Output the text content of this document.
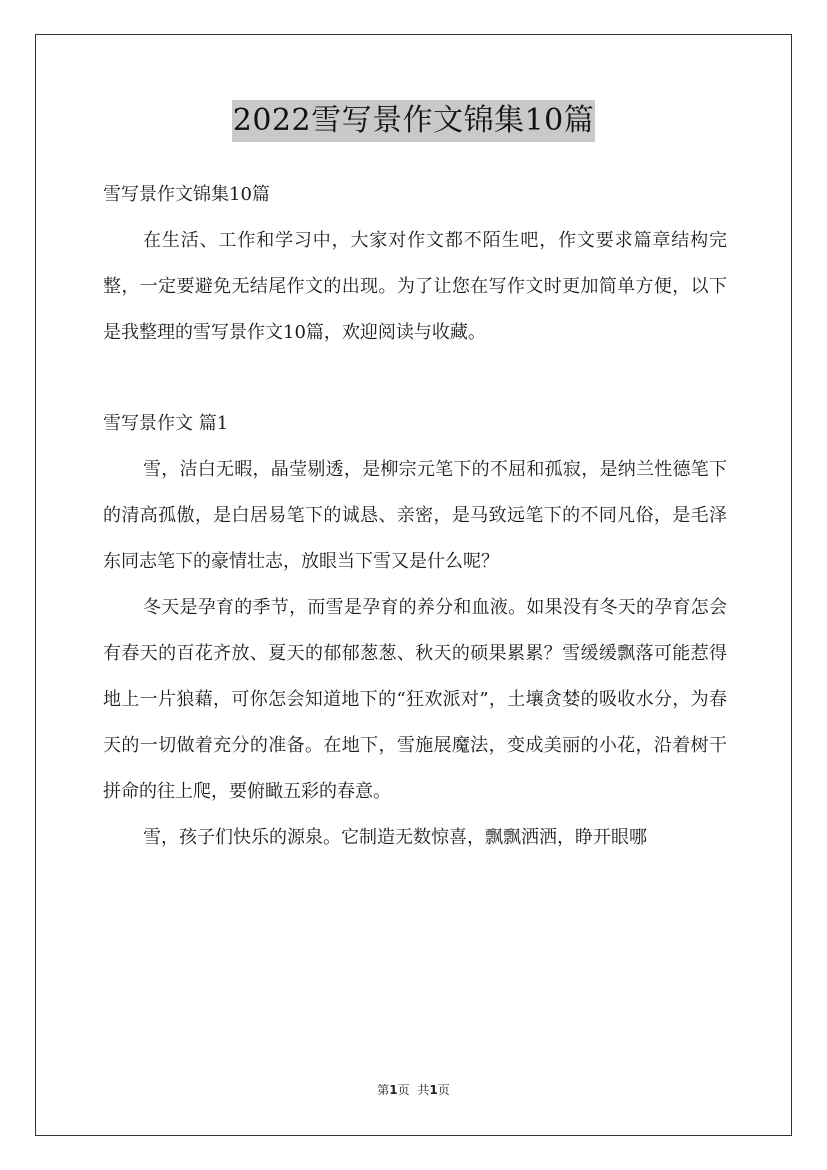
2022雪写景作文锦集10篇

雪写景作文锦集10篇

在生活、工作和学习中，大家对作文都不陌生吧，作文要求篇章结构完整，一定要避免无结尾作文的出现。为了让您在写作文时更加简单方便，以下是我整理的雪写景作文10篇，欢迎阅读与收藏。

雪写景作文 篇1

雪，洁白无暇，晶莹剔透，是柳宗元笔下的不屈和孤寂，是纳兰性德笔下的清高孤傲，是白居易笔下的诚恳、亲密，是马致远笔下的不同凡俗，是毛泽东同志笔下的豪情壮志，放眼当下雪又是什么呢？

冬天是孕育的季节，而雪是孕育的养分和血液。如果没有冬天的孕育怎会有春天的百花齐放、夏天的郁郁葱葱、秋天的硕果累累？雪缓缓飘落可能惹得地上一片狼藉，可你怎会知道地下的“狂欢派对”，土壤贪婪的吸收水分，为春天的一切做着充分的准备。在地下，雪施展魔法，变成美丽的小花，沿着树干拼命的往上爬，要俯瞰五彩的春意。

雪，孩子们快乐的源泉。它制造无数惊喜，飘飘洒洒，睁开眼哪

第1页 共1页
